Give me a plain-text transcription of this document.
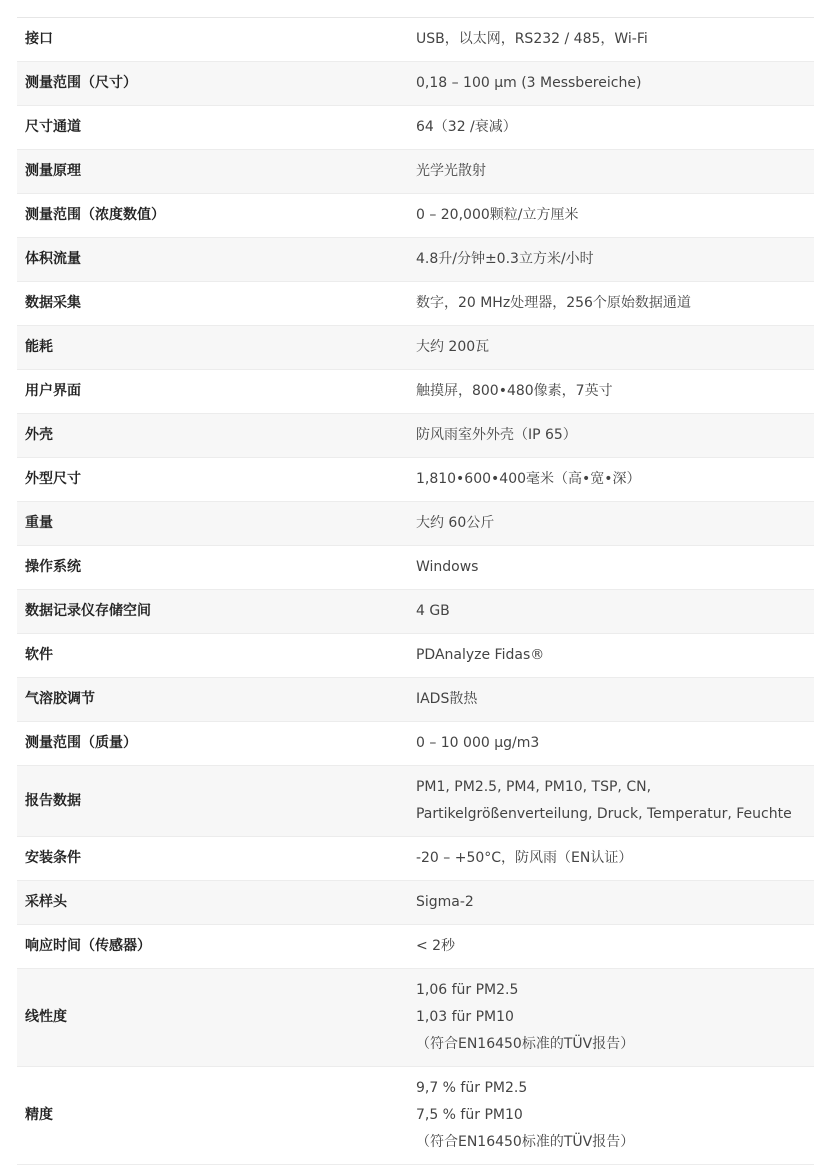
接口	USB，以太网，RS232 / 485，Wi-Fi

测量范围（尺寸）	0,18 – 100 µm (3 Messbereiche)

尺寸通道	64（32 /衰减）

测量原理	光学光散射

测量范围（浓度数值）	0 – 20,000颗粒/立方厘米

体积流量	4.8升/分钟±0.3立方米/小时

数据采集	数字，20 MHz处理器，256个原始数据通道

能耗	大约 200瓦

用户界面	触摸屏，800•480像素，7英寸

外壳	防风雨室外外壳（IP 65）

外型尺寸	1,810•600•400毫米（高•宽•深）

重量	大约 60公斤

操作系统	Windows

数据记录仪存储空间	4 GB

软件	PDAnalyze Fidas®

气溶胶调节	IADS散热

测量范围（质量）	0 – 10 000 µg/m3

报告数据	PM1, PM2.5, PM4, PM10, TSP, CN,
Partikelgrößenverteilung, Druck, Temperatur, Feuchte

安装条件	-20 – +50°C，防风雨（EN认证）

采样头	Sigma-2

响应时间（传感器）	< 2秒

线性度	1,06 für PM2.5
1,03 für PM10
（符合EN16450标准的TÜV报告）

精度	9,7 % für PM2.5
7,5 % für PM10
（符合EN16450标准的TÜV报告）
